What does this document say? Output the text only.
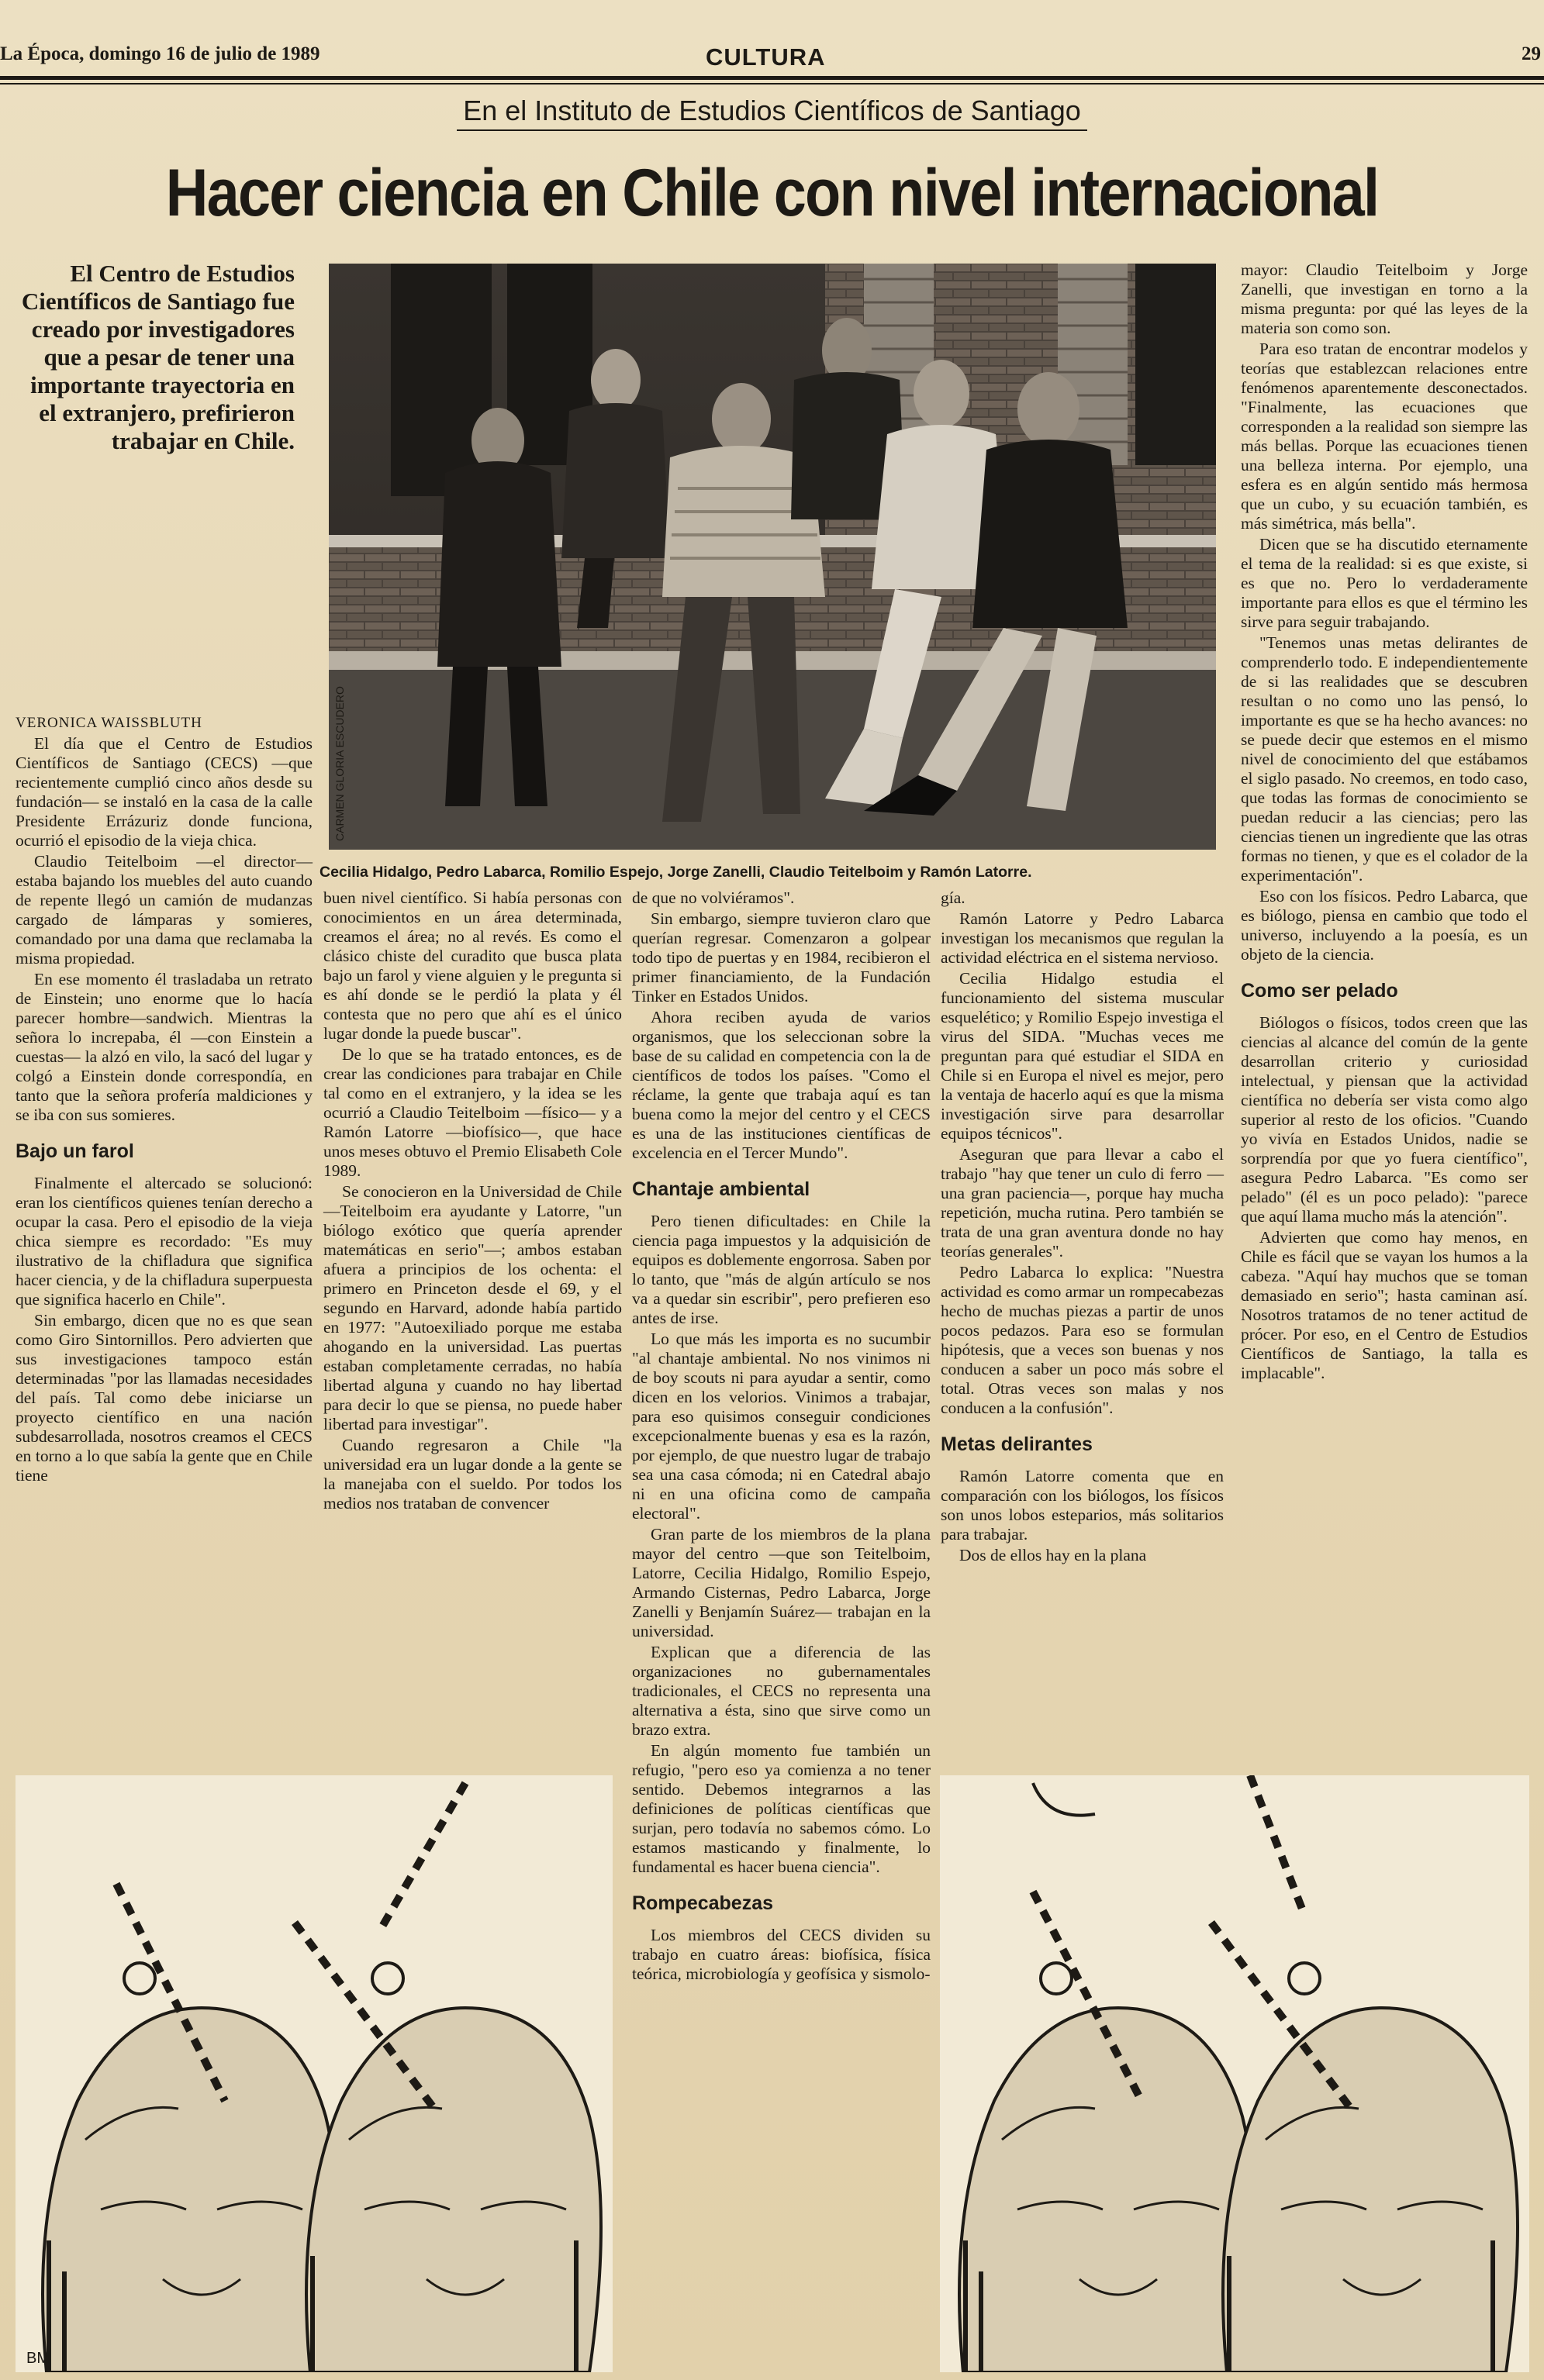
La Época, domingo 16 de julio de 1989	CULTURA	29
En el Instituto de Estudios Científicos de Santiago
Hacer ciencia en Chile con nivel internacional
El Centro de Estudios Científicos de Santiago fue creado por investigadores que a pesar de tener una importante trayectoria en el extranjero, prefirieron trabajar en Chile.
Cecilia Hidalgo, Pedro Labarca, Romilio Espejo, Jorge Zanelli, Claudio Teitelboim y Ramón Latorre.

VERONICA WAISSBLUTH

El día que el Centro de Estudios Científicos de Santiago (CECS) —que recientemente cumplió cinco años desde su fundación— se instaló en la casa de la calle Presidente Errázuriz donde funciona, ocurrió el episodio de la vieja chica.

Claudio Teitelboim —el director— estaba bajando los muebles del auto cuando de repente llegó un camión de mudanzas cargado de lámparas y somieres, comandado por una dama que reclamaba la misma propiedad.

En ese momento él trasladaba un retrato de Einstein; uno enorme que lo hacía parecer hombre—sandwich. Mientras la señora lo increpaba, él —con Einstein a cuestas— la alzó en vilo, la sacó del lugar y colgó a Einstein donde correspondía, en tanto que la señora profería maldiciones y se iba con sus somieres.

Bajo un farol

Finalmente el altercado se solucionó: eran los científicos quienes tenían derecho a ocupar la casa. Pero el episodio de la vieja chica siempre es recordado: "Es muy ilustrativo de la chifladura que significa hacer ciencia, y de la chifladura superpuesta que significa hacerlo en Chile".

Sin embargo, dicen que no es que sean como Giro Sintornillos. Pero advierten que sus investigaciones tampoco están determinadas "por las llamadas necesidades del país. Tal como debe iniciarse un proyecto científico en una nación subdesarrollada, nosotros creamos el CECS en torno a lo que sabía la gente que en Chile tiene

buen nivel científico. Si había personas con conocimientos en un área determinada, creamos el área; no al revés. Es como el clásico chiste del curadito que busca plata bajo un farol y viene alguien y le pregunta si es ahí donde se le perdió la plata y él contesta que no pero que ahí es el único lugar donde la puede buscar".

De lo que se ha tratado entonces, es de crear las condiciones para trabajar en Chile tal como en el extranjero, y la idea se les ocurrió a Claudio Teitelboim —físico— y a Ramón Latorre —biofísico—, que hace unos meses obtuvo el Premio Elisabeth Cole 1989.

Se conocieron en la Universidad de Chile —Teitelboim era ayudante y Latorre, "un biólogo exótico que quería aprender matemáticas en serio"—; ambos estaban afuera a principios de los ochenta: el primero en Princeton desde el 69, y el segundo en Harvard, adonde había partido en 1977: "Autoexiliado porque me estaba ahogando en la universidad. Las puertas estaban completamente cerradas, no había libertad alguna y cuando no hay libertad para decir lo que se piensa, no puede haber libertad para investigar".

Cuando regresaron a Chile "la universidad era un lugar donde a la gente se la manejaba con el sueldo. Por todos los medios nos trataban de convencer

de que no volviéramos".

Sin embargo, siempre tuvieron claro que querían regresar. Comenzaron a golpear todo tipo de puertas y en 1984, recibieron el primer financiamiento, de la Fundación Tinker en Estados Unidos.

Ahora reciben ayuda de varios organismos, que los seleccionan sobre la base de su calidad en competencia con la de científicos de todos los países. "Como el réclame, la gente que trabaja aquí es tan buena como la mejor del centro y el CECS es una de las instituciones científicas de excelencia en el Tercer Mundo".

Chantaje ambiental

Pero tienen dificultades: en Chile la ciencia paga impuestos y la adquisición de equipos es doblemente engorrosa. Saben por lo tanto, que "más de algún artículo se nos va a quedar sin escribir", pero prefieren eso antes de irse.

Lo que más les importa es no sucumbir "al chantaje ambiental. No nos vinimos ni de boy scouts ni para ayudar a sentir, como dicen en los velorios. Vinimos a trabajar, para eso quisimos conseguir condiciones excepcionalmente buenas y esa es la razón, por ejemplo, de que nuestro lugar de trabajo sea una casa cómoda; ni en Catedral abajo ni en una oficina como de campaña electoral".

Gran parte de los miembros de la plana mayor del centro —que son Teitelboim, Latorre, Cecilia Hidalgo, Romilio Espejo, Armando Cisternas, Pedro Labarca, Jorge Zanelli y Benjamín Suárez— trabajan en la universidad.

Explican que a diferencia de las organizaciones no gubernamentales tradicionales, el CECS no representa una alternativa a ésta, sino que sirve como un brazo extra.

En algún momento fue también un refugio, "pero eso ya comienza a no tener sentido. Debemos integrarnos a las definiciones de políticas científicas que surjan, pero todavía no sabemos cómo. Lo estamos masticando y finalmente, lo fundamental es hacer buena ciencia".

Rompecabezas

Los miembros del CECS dividen su trabajo en cuatro áreas: biofísica, física teórica, microbiología y geofísica y sismolo-

gía.

Ramón Latorre y Pedro Labarca investigan los mecanismos que regulan la actividad eléctrica en el sistema nervioso.

Cecilia Hidalgo estudia el funcionamiento del sistema muscular esquelético; y Romilio Espejo investiga el virus del SIDA. "Muchas veces me preguntan para qué estudiar el SIDA en Chile si en Europa el nivel es mejor, pero la ventaja de hacerlo aquí es que la misma investigación sirve para desarrollar equipos técnicos".

Aseguran que para llevar a cabo el trabajo "hay que tener un culo di ferro —una gran paciencia—, porque hay mucha repetición, mucha rutina. Pero también se trata de una gran aventura donde no hay teorías generales".

Pedro Labarca lo explica: "Nuestra actividad es como armar un rompecabezas hecho de muchas piezas a partir de unos pocos pedazos. Para eso se formulan hipótesis, que a veces son buenas y nos conducen a saber un poco más sobre el total. Otras veces son malas y nos conducen a la confusión".

Metas delirantes

Ramón Latorre comenta que en comparación con los biólogos, los físicos son unos lobos esteparios, más solitarios para trabajar.

Dos de ellos hay en la plana

mayor: Claudio Teitelboim y Jorge Zanelli, que investigan en torno a la misma pregunta: por qué las leyes de la materia son como son.

Para eso tratan de encontrar modelos y teorías que establezcan relaciones entre fenómenos aparentemente desconectados. "Finalmente, las ecuaciones que corresponden a la realidad son siempre las más bellas. Porque las ecuaciones tienen una belleza interna. Por ejemplo, una esfera es en algún sentido más hermosa que un cubo, y su ecuación también, es más simétrica, más bella".

Dicen que se ha discutido eternamente el tema de la realidad: si es que existe, si es que no. Pero lo verdaderamente importante para ellos es que el término les sirve para seguir trabajando.

"Tenemos unas metas delirantes de comprenderlo todo. E independientemente de si las realidades que se descubren resultan o no como uno las pensó, lo importante es que se ha hecho avances: no se puede decir que estemos en el mismo nivel de conocimiento del que estábamos el siglo pasado. No creemos, en todo caso, que todas las formas de conocimiento se puedan reducir a las ciencias; pero las ciencias tienen un ingrediente que las otras formas no tienen, y que es el colador de la experimentación".

Eso con los físicos. Pedro Labarca, que es biólogo, piensa en cambio que todo el universo, incluyendo a la poesía, es un objeto de la ciencia.

Como ser pelado

Biólogos o físicos, todos creen que las ciencias al alcance del común de la gente desarrollan criterio y curiosidad intelectual, y piensan que la actividad científica no debería ser vista como algo superior al resto de los oficios. "Cuando yo vivía en Estados Unidos, nadie se sorprendía por que yo fuera científico", asegura Pedro Labarca. "Es como ser pelado" (él es un poco pelado): "parece que aquí llama mucho más la atención".

Advierten que como hay menos, en Chile es fácil que se vayan los humos a la cabeza. "Aquí hay muchos que se toman demasiado en serio"; hasta caminan así. Nosotros tratamos de no tener actitud de prócer. Por eso, en el Centro de Estudios Científicos de Santiago, la talla es implacable".

BM
